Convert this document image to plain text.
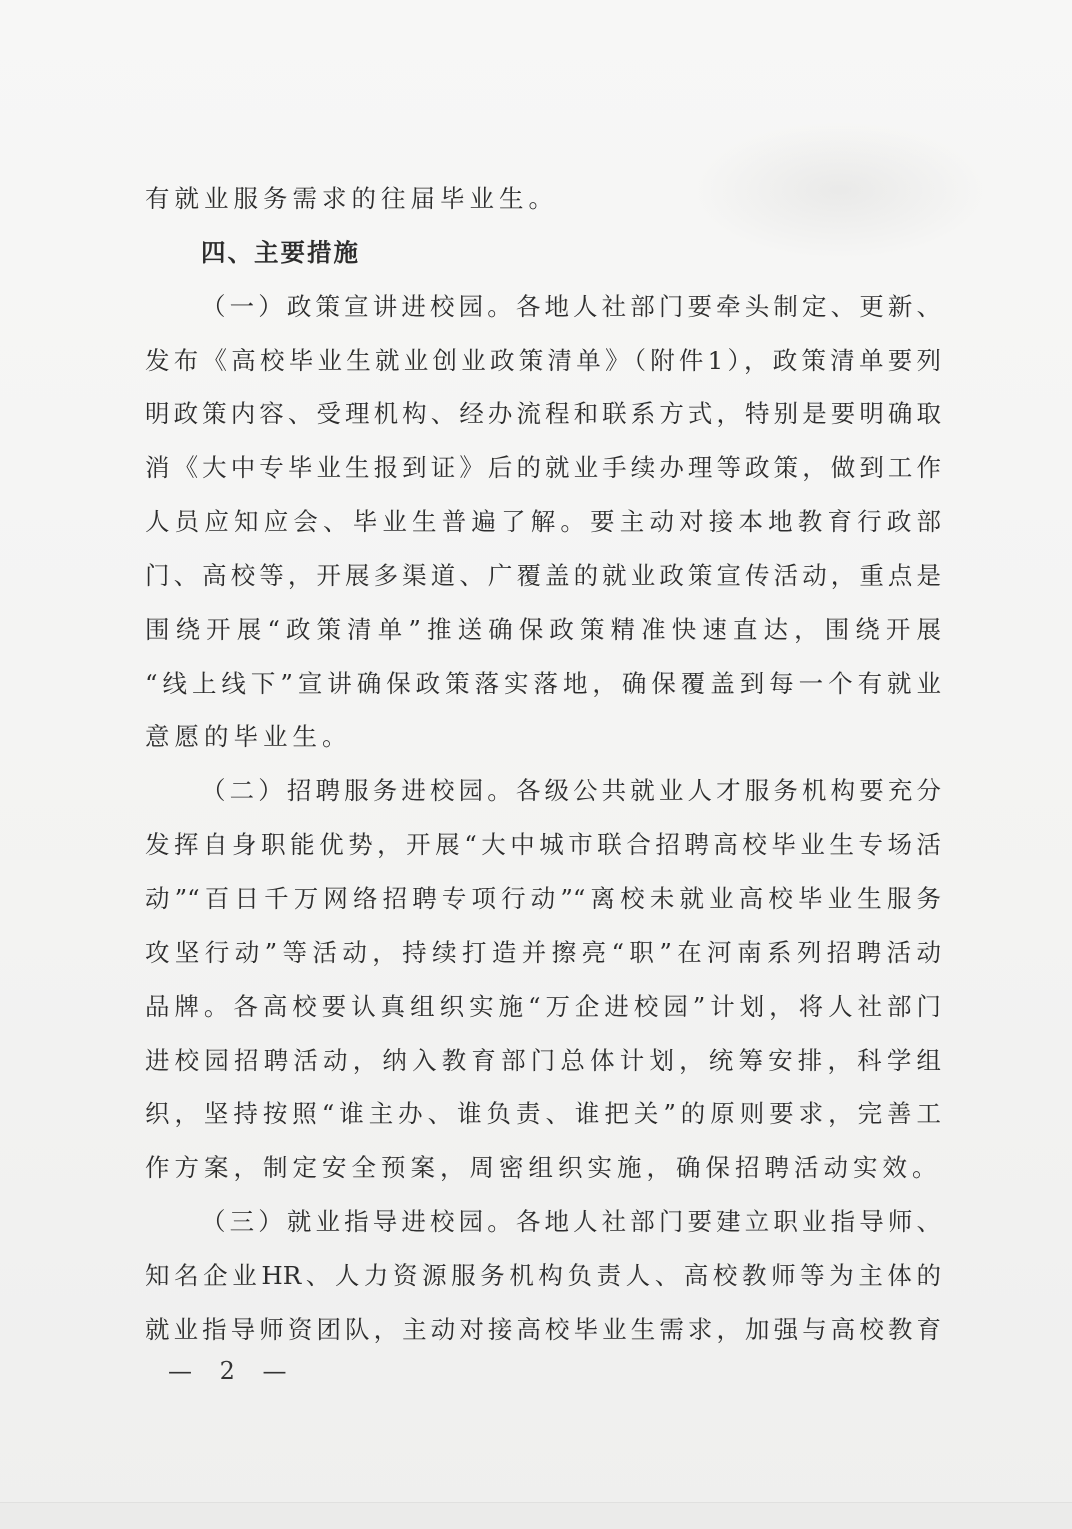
有就业服务需求的往届毕业生。
四、主要措施
（一）政策宣讲进校园。各地人社部门要牵头制定、更新、
发布《高校毕业生就业创业政策清单》（附件1），政策清单要列
明政策内容、受理机构、经办流程和联系方式，特别是要明确取
消《大中专毕业生报到证》后的就业手续办理等政策，做到工作
人员应知应会、毕业生普遍了解。要主动对接本地教育行政部
门、高校等，开展多渠道、广覆盖的就业政策宣传活动，重点是
围绕开展“政策清单”推送确保政策精准快速直达，围绕开展
“线上线下”宣讲确保政策落实落地，确保覆盖到每一个有就业
意愿的毕业生。
（二）招聘服务进校园。各级公共就业人才服务机构要充分
发挥自身职能优势，开展“大中城市联合招聘高校毕业生专场活
动”“百日千万网络招聘专项行动”“离校未就业高校毕业生服务
攻坚行动”等活动，持续打造并擦亮“职”在河南系列招聘活动
品牌。各高校要认真组织实施“万企进校园”计划，将人社部门
进校园招聘活动，纳入教育部门总体计划，统筹安排，科学组
织，坚持按照“谁主办、谁负责、谁把关”的原则要求，完善工
作方案，制定安全预案，周密组织实施，确保招聘活动实效。
（三）就业指导进校园。各地人社部门要建立职业指导师、
知名企业HR、人力资源服务机构负责人、高校教师等为主体的
就业指导师资团队，主动对接高校毕业生需求，加强与高校教育
— 2 —
